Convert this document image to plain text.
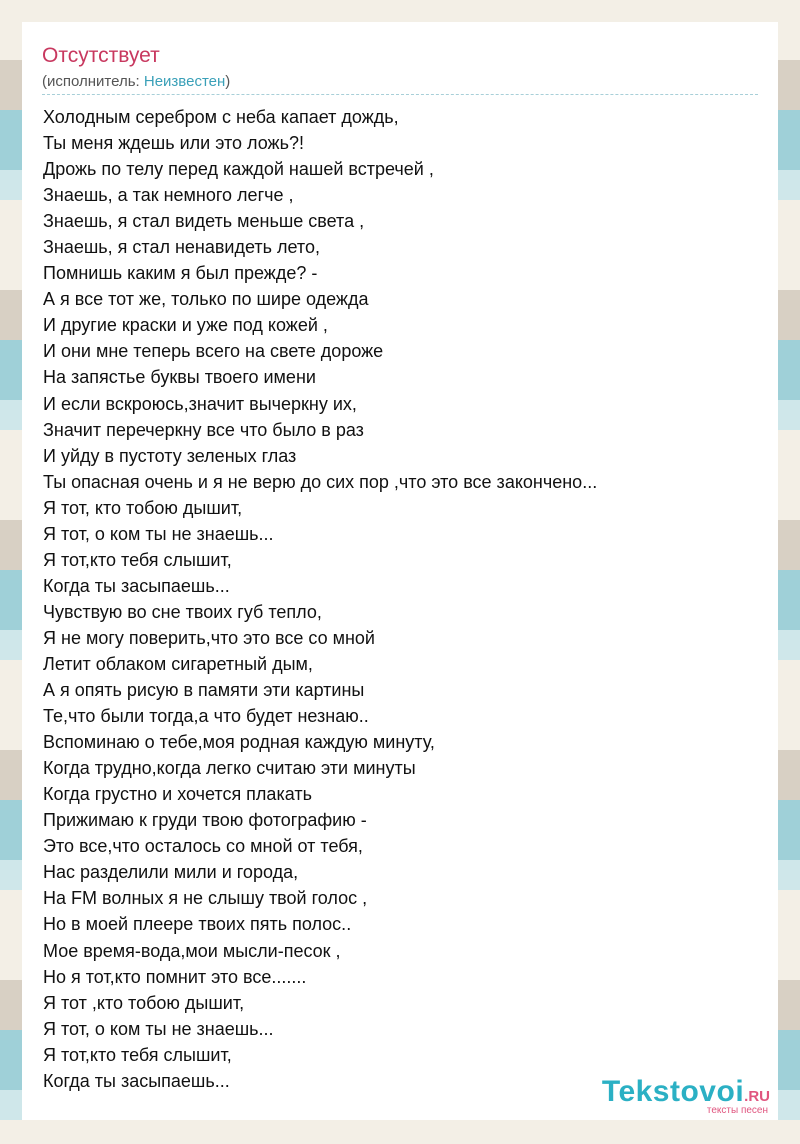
Отсутствует
(исполнитель: Неизвестен)
Холодным серебром с неба капает дождь,
Ты меня ждешь или это ложь?!
Дрожь по телу перед каждой нашей встречей ,
Знаешь, а так немного легче ,
Знаешь, я стал видеть меньше света ,
Знаешь, я стал ненавидеть лето,
Помнишь каким я был прежде? -
А я все тот же, только по шире одежда
И другие краски и уже под кожей ,
И они мне теперь всего на свете дороже
На запястье буквы твоего имени
И если вскроюсь,значит вычеркну их,
Значит перечеркну все что было в раз
И уйду в пустоту зеленых глаз
Ты опасная очень и я не верю до сих пор ,что это все закончено...
Я тот, кто тобою дышит,
Я тот, о ком ты не знаешь...
Я тот,кто тебя слышит,
Когда ты засыпаешь...
Чувствую во сне твоих губ тепло,
Я не могу поверить,что это все со мной
Летит облаком сигаретный дым,
А я опять рисую в памяти эти картины
Те,что были тогда,а что будет незнаю..
Вспоминаю о тебе,моя родная каждую минуту,
Когда трудно,когда легко считаю эти минуты
Когда грустно и хочется плакать
Прижимаю к груди твою фотографию -
Это все,что осталось со мной от тебя,
Нас разделили мили и города,
На FM волных я не слышу твой голос ,
Но в моей плеере твоих пять полос..
Мое время-вода,мои мысли-песок ,
Но я тот,кто помнит это все.......
Я тот ,кто тобою дышит,
Я тот, о ком ты не знаешь...
Я тот,кто тебя слышит,
Когда ты засыпаешь...	Tekstovoi.RU
тексты песен
